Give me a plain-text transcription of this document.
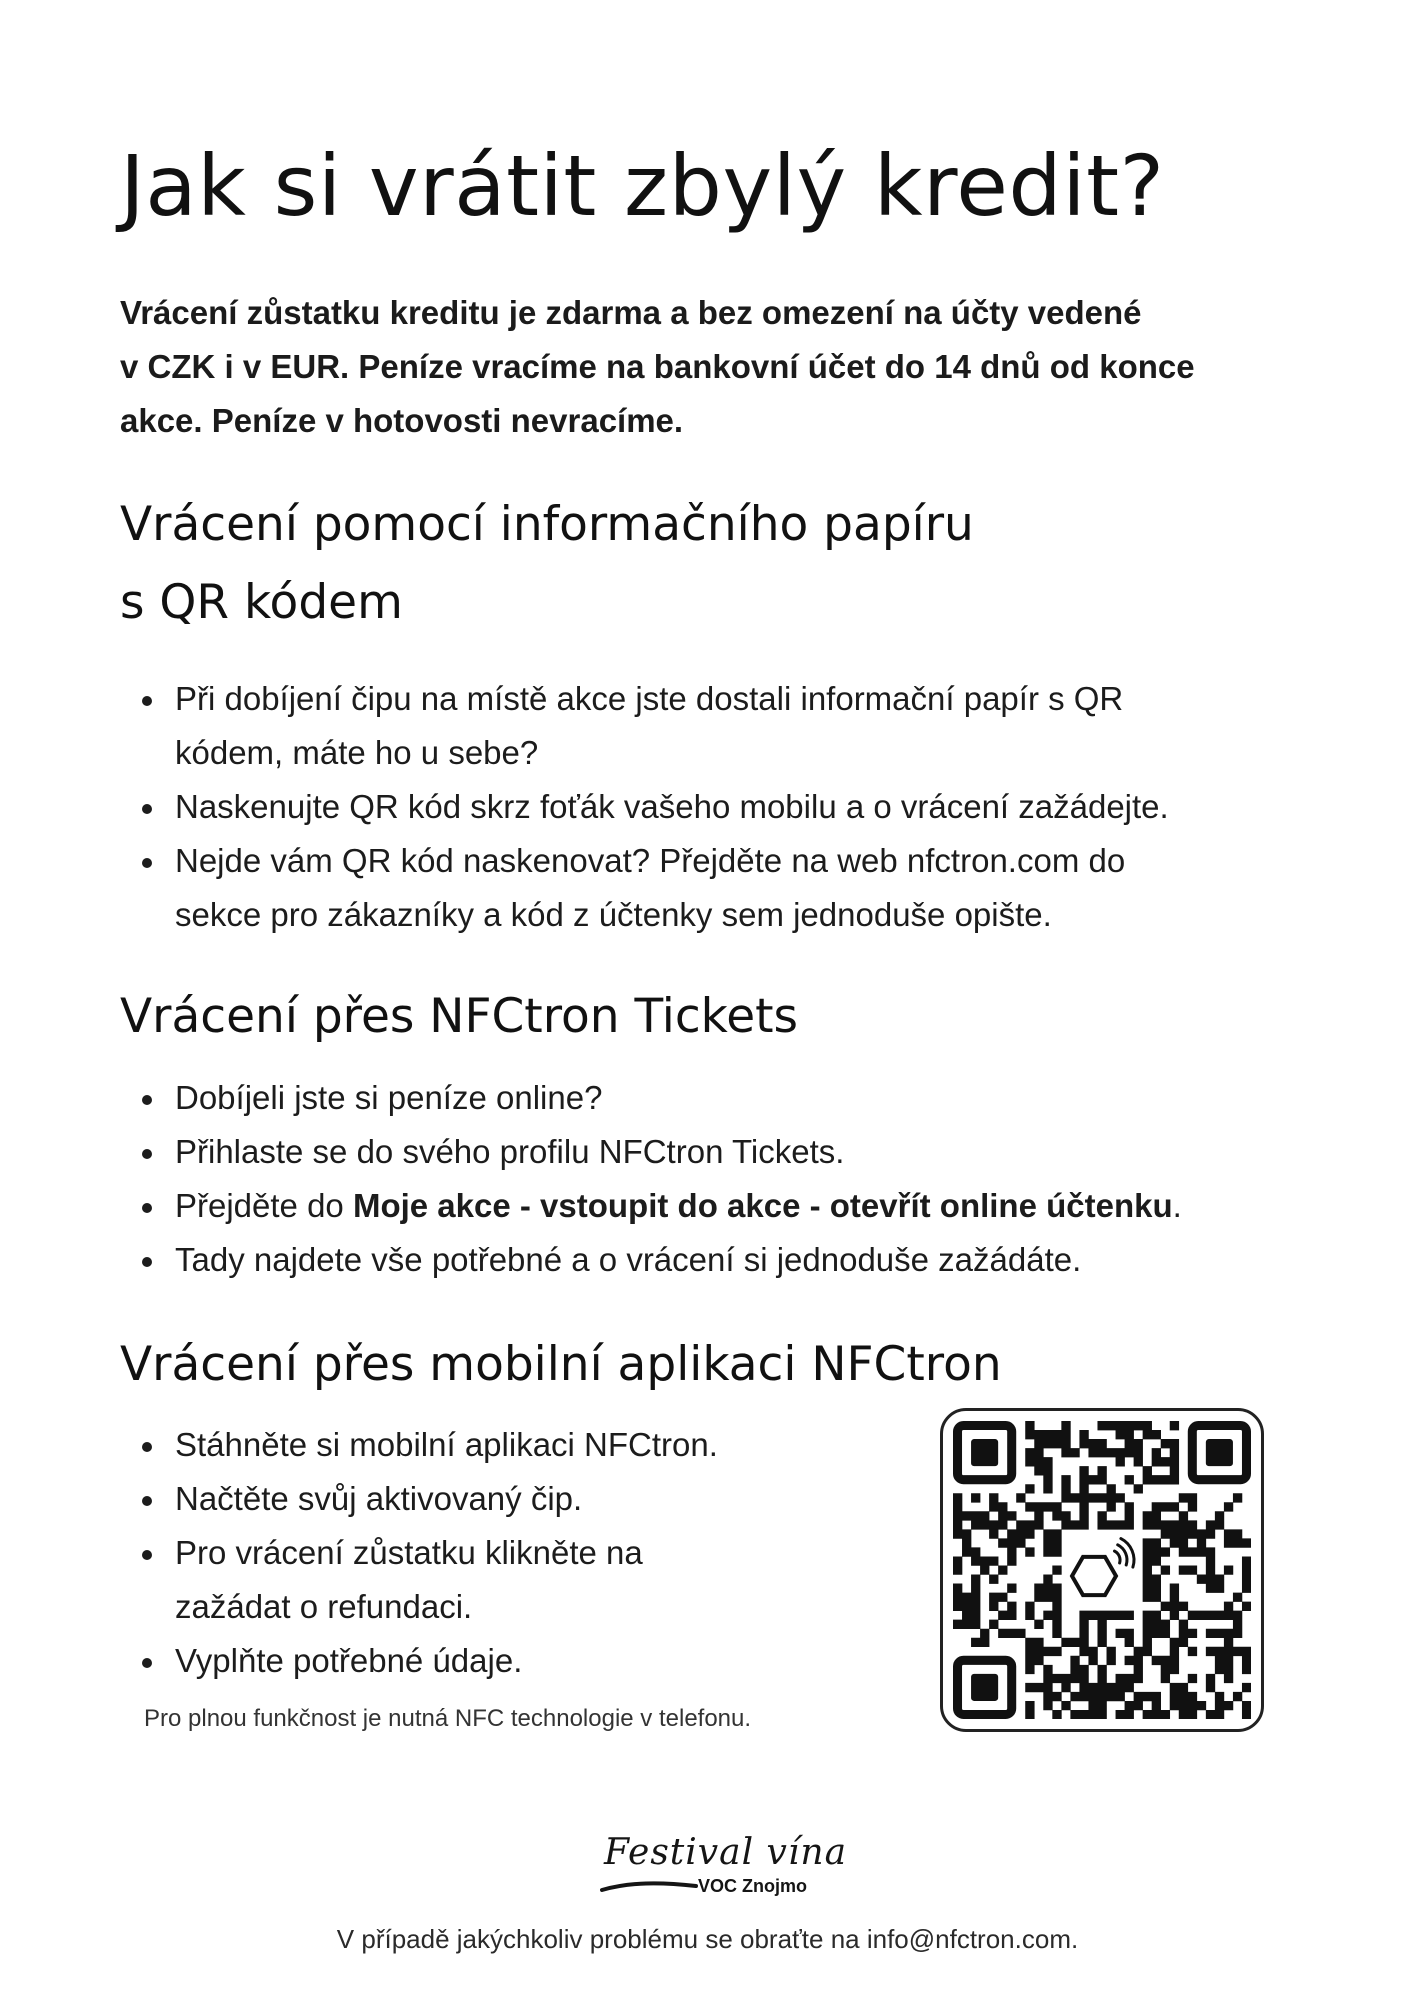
Jak si vrátit zbylý kredit?

Vrácení zůstatku kreditu je zdarma a bez omezení na účty vedené
v CZK i v EUR. Peníze vracíme na bankovní účet do 14 dnů od konce
akce. Peníze v hotovosti nevracíme.

Vrácení pomocí informačního papíru
s QR kódem
Při dobíjení čipu na místě akce jste dostali informační papír s QR
kódem, máte ho u sebe?
Naskenujte QR kód skrz foťák vašeho mobilu a o vrácení zažádejte.
Nejde vám QR kód naskenovat? Přejděte na web nfctron.com do
sekce pro zákazníky a kód z účtenky sem jednoduše opište.
Vrácení přes NFCtron Tickets
Dobíjeli jste si peníze online?
Přihlaste se do svého profilu NFCtron Tickets.
Přejděte do Moje akce - vstoupit do akce - otevřít online účtenku.
Tady najdete vše potřebné a o vrácení si jednoduše zažádáte.
Vrácení přes mobilní aplikaci NFCtron
Stáhněte si mobilní aplikaci NFCtron.
Načtěte svůj aktivovaný čip.
Pro vrácení zůstatku klikněte na
zažádat o refundaci.
Vyplňte potřebné údaje.

Pro plnou funkčnost je nutná NFC technologie v telefonu.

Festival vína
VOC Znojmo

V případě jakýchkoliv problému se obraťte na info@nfctron.com.
